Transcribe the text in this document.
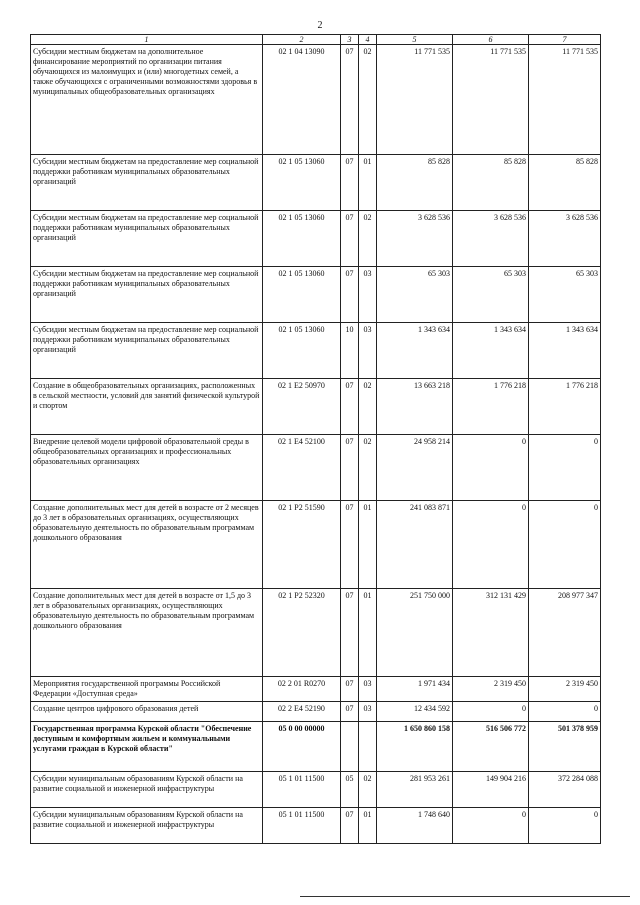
2
1	2	3	4	5	6	7
Субсидии местным бюджетам на дополнительное финансирование мероприятий по организации питания обучающихся из малоимущих и (или) многодетных семей, а также обучающихся с ограниченными возможностями здоровья в муниципальных общеобразовательных организациях	02 1 04 13090	07	02	11 771 535	11 771 535	11 771 535
Субсидии местным бюджетам на предоставление мер социальной поддержки работникам муниципальных образовательных организаций	02 1 05 13060	07	01	85 828	85 828	85 828
Субсидии местным бюджетам на предоставление мер социальной поддержки работникам муниципальных образовательных организаций	02 1 05 13060	07	02	3 628 536	3 628 536	3 628 536
Субсидии местным бюджетам на предоставление мер социальной поддержки работникам муниципальных образовательных организаций	02 1 05 13060	07	03	65 303	65 303	65 303
Субсидии местным бюджетам на предоставление мер социальной поддержки работникам муниципальных образовательных организаций	02 1 05 13060	10	03	1 343 634	1 343 634	1 343 634
Создание в общеобразовательных организациях, расположенных в сельской местности, условий для занятий физической культурой и спортом	02 1 E2 50970	07	02	13 663 218	1 776 218	1 776 218
Внедрение целевой модели цифровой образовательной среды в общеобразовательных организациях и профессиональных образовательных организациях	02 1 E4 52100	07	02	24 958 214	0	0
Создание дополнительных мест для детей в возрасте от 2 месяцев до 3 лет в образовательных организациях, осуществляющих образовательную деятельность по образовательным программам дошкольного образования	02 1 P2 51590	07	01	241 083 871	0	0
Создание дополнительных мест для детей в возрасте от 1,5 до 3 лет в образовательных организациях, осуществляющих образовательную деятельность по образовательным программам дошкольного образования	02 1 P2 52320	07	01	251 750 000	312 131 429	208 977 347
Мероприятия государственной программы Российской Федерации «Доступная среда»	02 2 01 R0270	07	03	1 971 434	2 319 450	2 319 450
Создание центров цифрового образования детей	02 2 E4 52190	07	03	12 434 592	0	0
Государственная программа Курской области "Обеспечение доступным и комфортным жильем и коммунальными услугами граждан в Курской области"	05 0 00 00000			1 650 860 158	516 506 772	501 378 959
Субсидии муниципальным образованиям Курской области на развитие социальной и инженерной инфраструктуры	05 1 01 11500	05	02	281 953 261	149 904 216	372 284 088
Субсидии муниципальным образованиям Курской области на развитие социальной и инженерной инфраструктуры	05 1 01 11500	07	01	1 748 640	0	0
